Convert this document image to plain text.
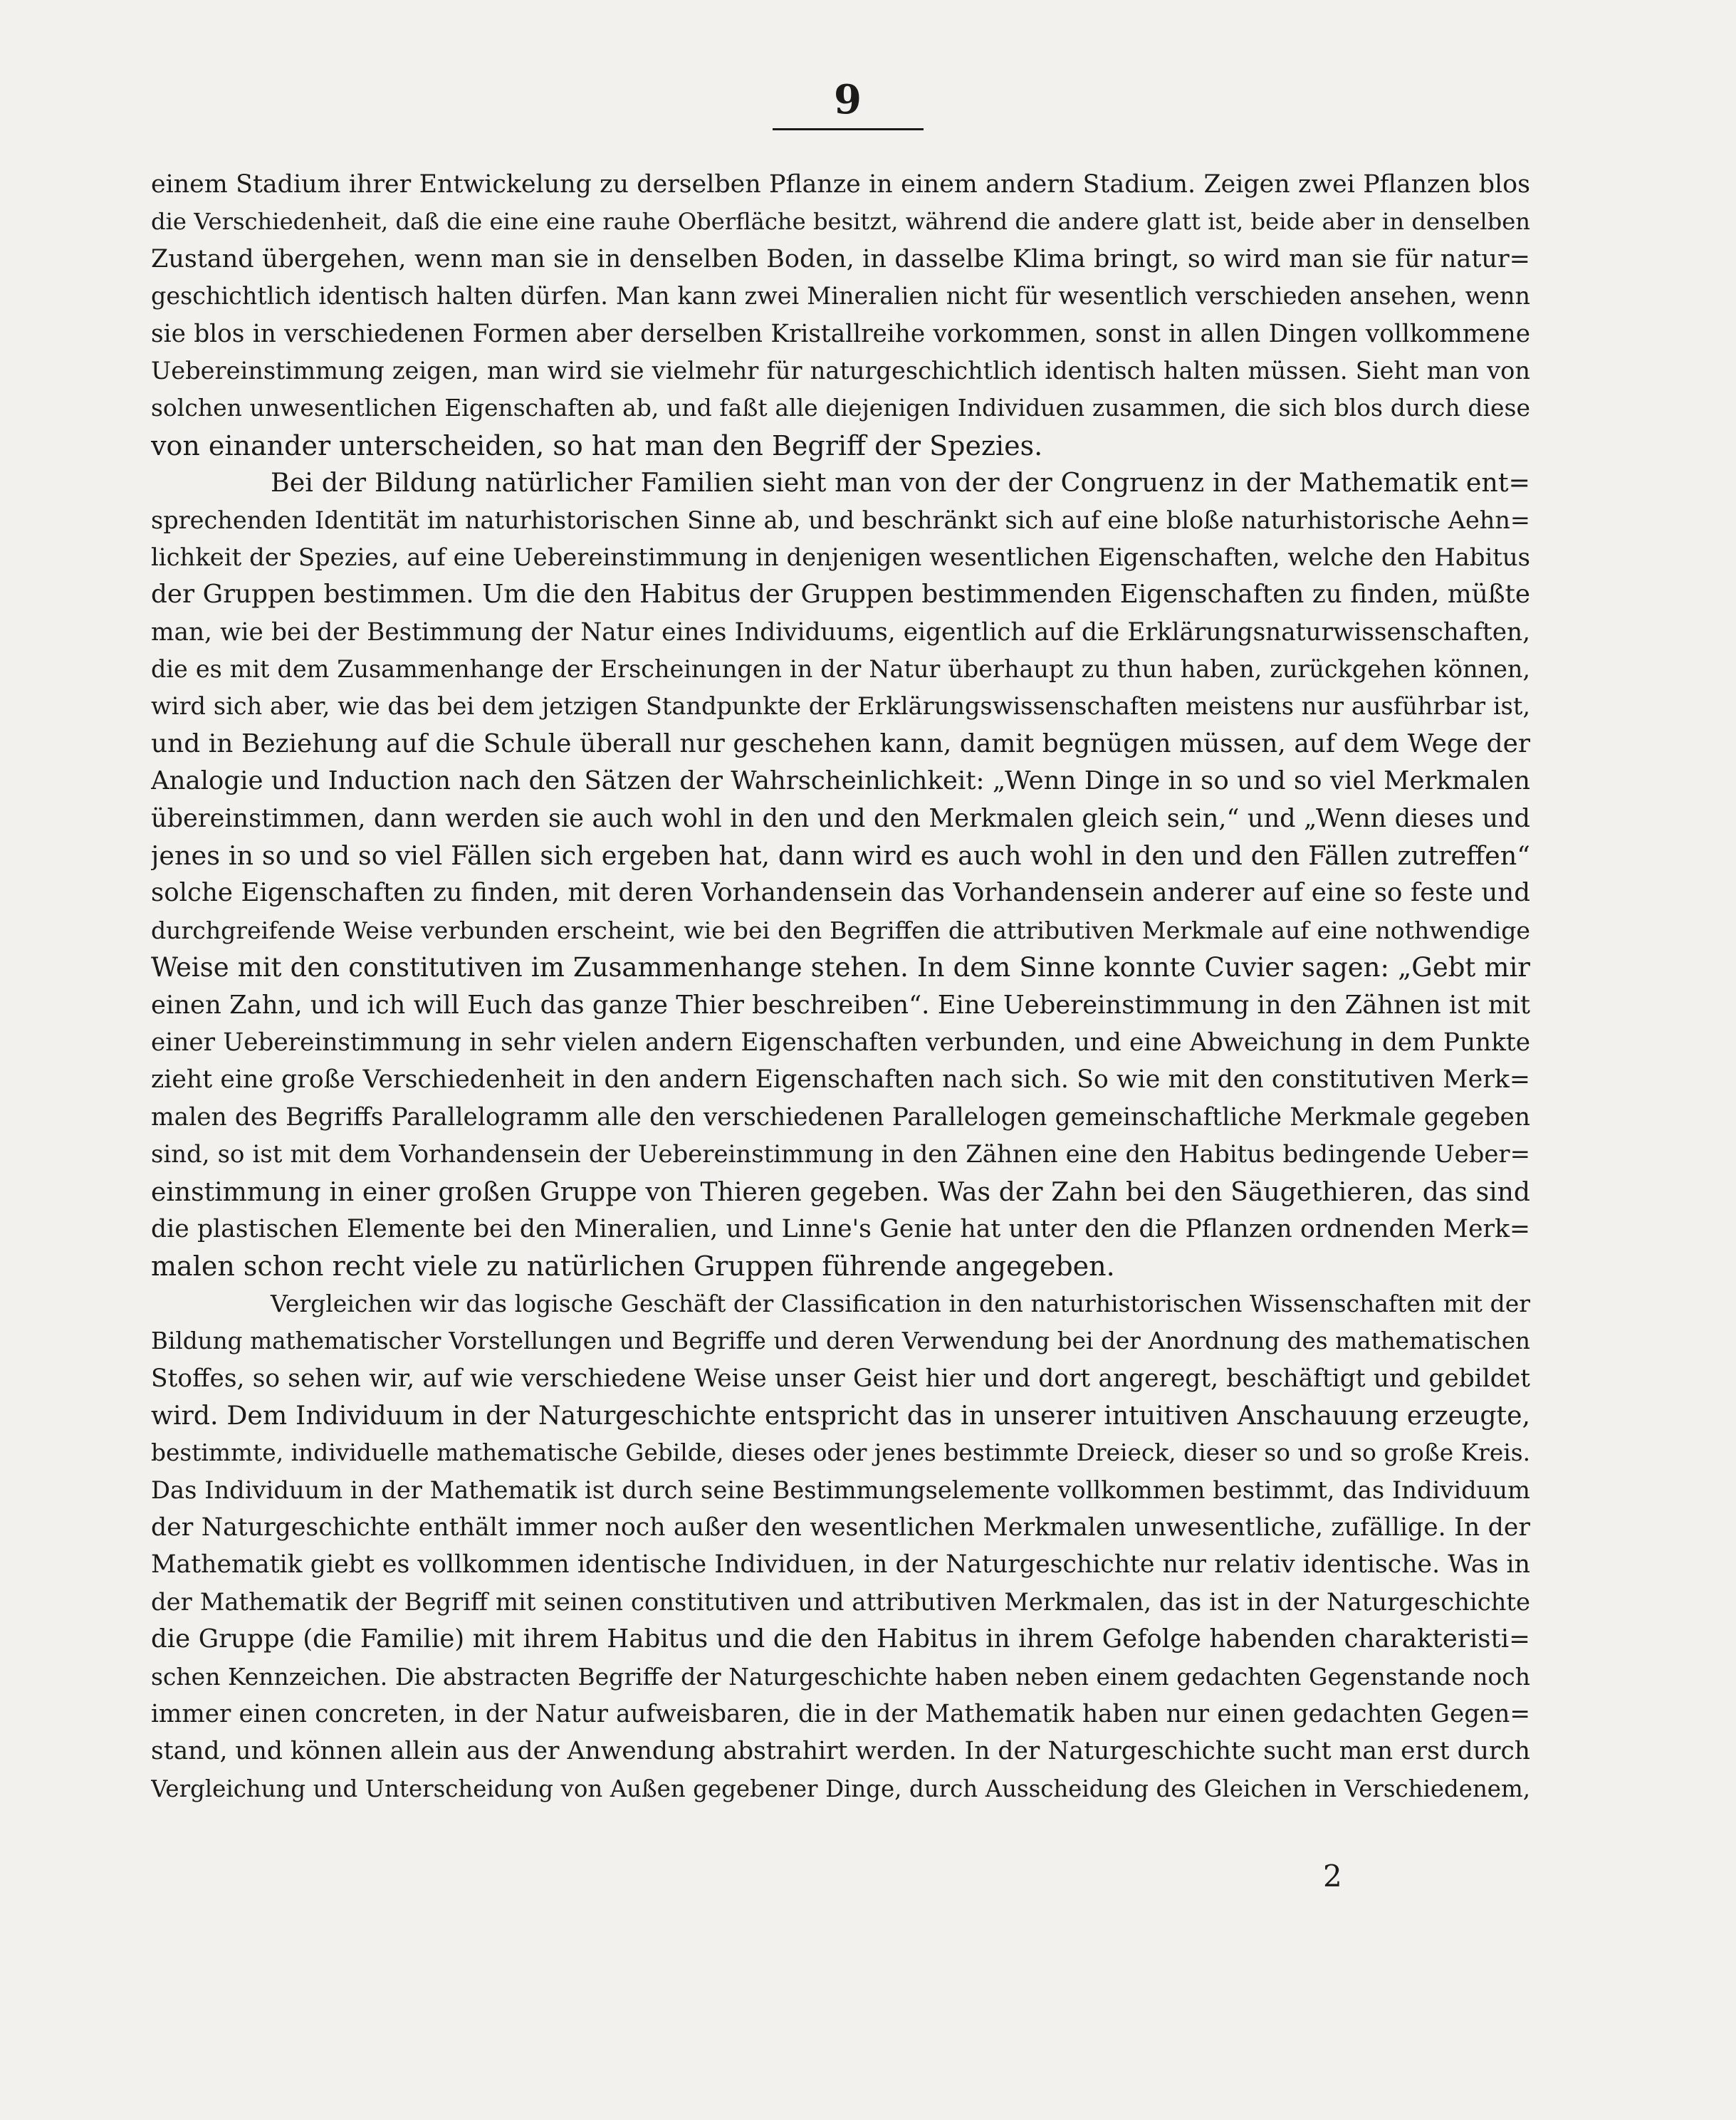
9
einem Stadium ihrer Entwickelung zu derselben Pflanze in einem andern Stadium. Zeigen zwei Pflanzen blos
die Verschiedenheit, daß die eine eine rauhe Oberfläche besitzt, während die andere glatt ist, beide aber in denselben
Zustand übergehen, wenn man sie in denselben Boden, in dasselbe Klima bringt, so wird man sie für natur=
geschichtlich identisch halten dürfen. Man kann zwei Mineralien nicht für wesentlich verschieden ansehen, wenn
sie blos in verschiedenen Formen aber derselben Kristallreihe vorkommen, sonst in allen Dingen vollkommene
Uebereinstimmung zeigen, man wird sie vielmehr für naturgeschichtlich identisch halten müssen. Sieht man von
solchen unwesentlichen Eigenschaften ab, und faßt alle diejenigen Individuen zusammen, die sich blos durch diese
von einander unterscheiden, so hat man den Begriff der Spezies.
Bei der Bildung natürlicher Familien sieht man von der der Congruenz in der Mathematik ent=
sprechenden Identität im naturhistorischen Sinne ab, und beschränkt sich auf eine bloße naturhistorische Aehn=
lichkeit der Spezies, auf eine Uebereinstimmung in denjenigen wesentlichen Eigenschaften, welche den Habitus
der Gruppen bestimmen. Um die den Habitus der Gruppen bestimmenden Eigenschaften zu finden, müßte
man, wie bei der Bestimmung der Natur eines Individuums, eigentlich auf die Erklärungsnaturwissenschaften,
die es mit dem Zusammenhange der Erscheinungen in der Natur überhaupt zu thun haben, zurückgehen können,
wird sich aber, wie das bei dem jetzigen Standpunkte der Erklärungswissenschaften meistens nur ausführbar ist,
und in Beziehung auf die Schule überall nur geschehen kann, damit begnügen müssen, auf dem Wege der
Analogie und Induction nach den Sätzen der Wahrscheinlichkeit: „Wenn Dinge in so und so viel Merkmalen
übereinstimmen, dann werden sie auch wohl in den und den Merkmalen gleich sein,“ und „Wenn dieses und
jenes in so und so viel Fällen sich ergeben hat, dann wird es auch wohl in den und den Fällen zutreffen“
solche Eigenschaften zu finden, mit deren Vorhandensein das Vorhandensein anderer auf eine so feste und
durchgreifende Weise verbunden erscheint, wie bei den Begriffen die attributiven Merkmale auf eine nothwendige
Weise mit den constitutiven im Zusammenhange stehen. In dem Sinne konnte Cuvier sagen: „Gebt mir
einen Zahn, und ich will Euch das ganze Thier beschreiben“. Eine Uebereinstimmung in den Zähnen ist mit
einer Uebereinstimmung in sehr vielen andern Eigenschaften verbunden, und eine Abweichung in dem Punkte
zieht eine große Verschiedenheit in den andern Eigenschaften nach sich. So wie mit den constitutiven Merk=
malen des Begriffs Parallelogramm alle den verschiedenen Parallelogen gemeinschaftliche Merkmale gegeben
sind, so ist mit dem Vorhandensein der Uebereinstimmung in den Zähnen eine den Habitus bedingende Ueber=
einstimmung in einer großen Gruppe von Thieren gegeben. Was der Zahn bei den Säugethieren, das sind
die plastischen Elemente bei den Mineralien, und Linne's Genie hat unter den die Pflanzen ordnenden Merk=
malen schon recht viele zu natürlichen Gruppen führende angegeben.
Vergleichen wir das logische Geschäft der Classification in den naturhistorischen Wissenschaften mit der
Bildung mathematischer Vorstellungen und Begriffe und deren Verwendung bei der Anordnung des mathematischen
Stoffes, so sehen wir, auf wie verschiedene Weise unser Geist hier und dort angeregt, beschäftigt und gebildet
wird. Dem Individuum in der Naturgeschichte entspricht das in unserer intuitiven Anschauung erzeugte,
bestimmte, individuelle mathematische Gebilde, dieses oder jenes bestimmte Dreieck, dieser so und so große Kreis.
Das Individuum in der Mathematik ist durch seine Bestimmungselemente vollkommen bestimmt, das Individuum
der Naturgeschichte enthält immer noch außer den wesentlichen Merkmalen unwesentliche, zufällige. In der
Mathematik giebt es vollkommen identische Individuen, in der Naturgeschichte nur relativ identische. Was in
der Mathematik der Begriff mit seinen constitutiven und attributiven Merkmalen, das ist in der Naturgeschichte
die Gruppe (die Familie) mit ihrem Habitus und die den Habitus in ihrem Gefolge habenden charakteristi=
schen Kennzeichen. Die abstracten Begriffe der Naturgeschichte haben neben einem gedachten Gegenstande noch
immer einen concreten, in der Natur aufweisbaren, die in der Mathematik haben nur einen gedachten Gegen=
stand, und können allein aus der Anwendung abstrahirt werden. In der Naturgeschichte sucht man erst durch
Vergleichung und Unterscheidung von Außen gegebener Dinge, durch Ausscheidung des Gleichen in Verschiedenem,
2
